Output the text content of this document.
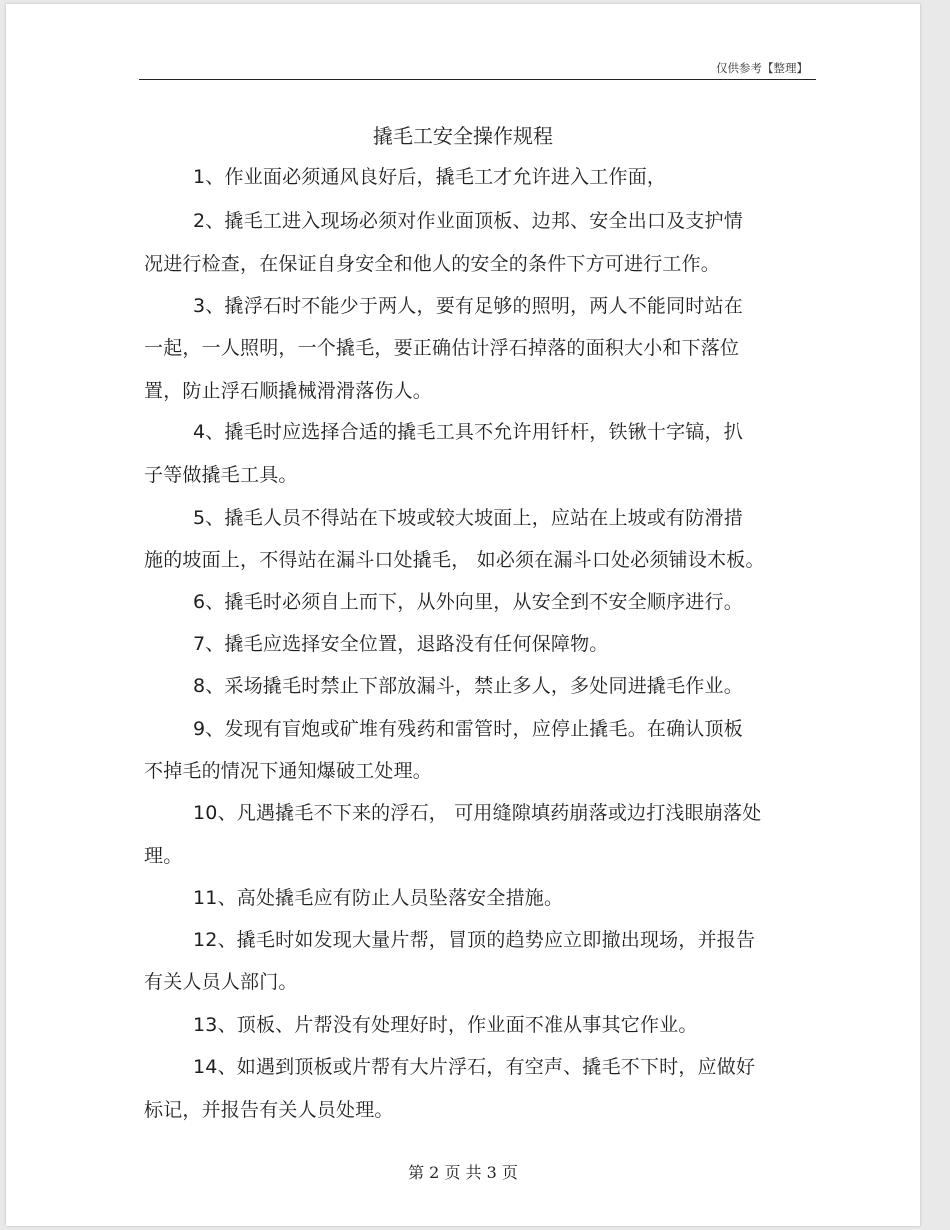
仅供参考【整理】
撬毛工安全操作规程
1、作业面必须通风良好后，撬毛工才允许进入工作面，
2、撬毛工进入现场必须对作业面顶板、边邦、安全出口及支护情
况进行检查，在保证自身安全和他人的安全的条件下方可进行工作。
3、撬浮石时不能少于两人，要有足够的照明，两人不能同时站在
一起，一人照明，一个撬毛，要正确估计浮石掉落的面积大小和下落位
置，防止浮石顺撬械滑滑落伤人。
4、撬毛时应选择合适的撬毛工具不允许用钎杆，铁锹十字镐，扒
子等做撬毛工具。
5、撬毛人员不得站在下坡或较大坡面上，应站在上坡或有防滑措
施的坡面上，不得站在漏斗口处撬毛， 如必须在漏斗口处必须铺设木板。
6、撬毛时必须自上而下，从外向里，从安全到不安全顺序进行。
7、撬毛应选择安全位置，退路没有任何保障物。
8、采场撬毛时禁止下部放漏斗，禁止多人，多处同进撬毛作业。
9、发现有盲炮或矿堆有残药和雷管时，应停止撬毛。在确认顶板
不掉毛的情况下通知爆破工处理。
10、凡遇撬毛不下来的浮石， 可用缝隙填药崩落或边打浅眼崩落处
理。
11、高处撬毛应有防止人员坠落安全措施。
12、撬毛时如发现大量片帮，冒顶的趋势应立即撤出现场，并报告
有关人员人部门。
13、顶板、片帮没有处理好时，作业面不准从事其它作业。
14、如遇到顶板或片帮有大片浮石，有空声、撬毛不下时，应做好
标记，并报告有关人员处理。
第 2 页 共 3 页
